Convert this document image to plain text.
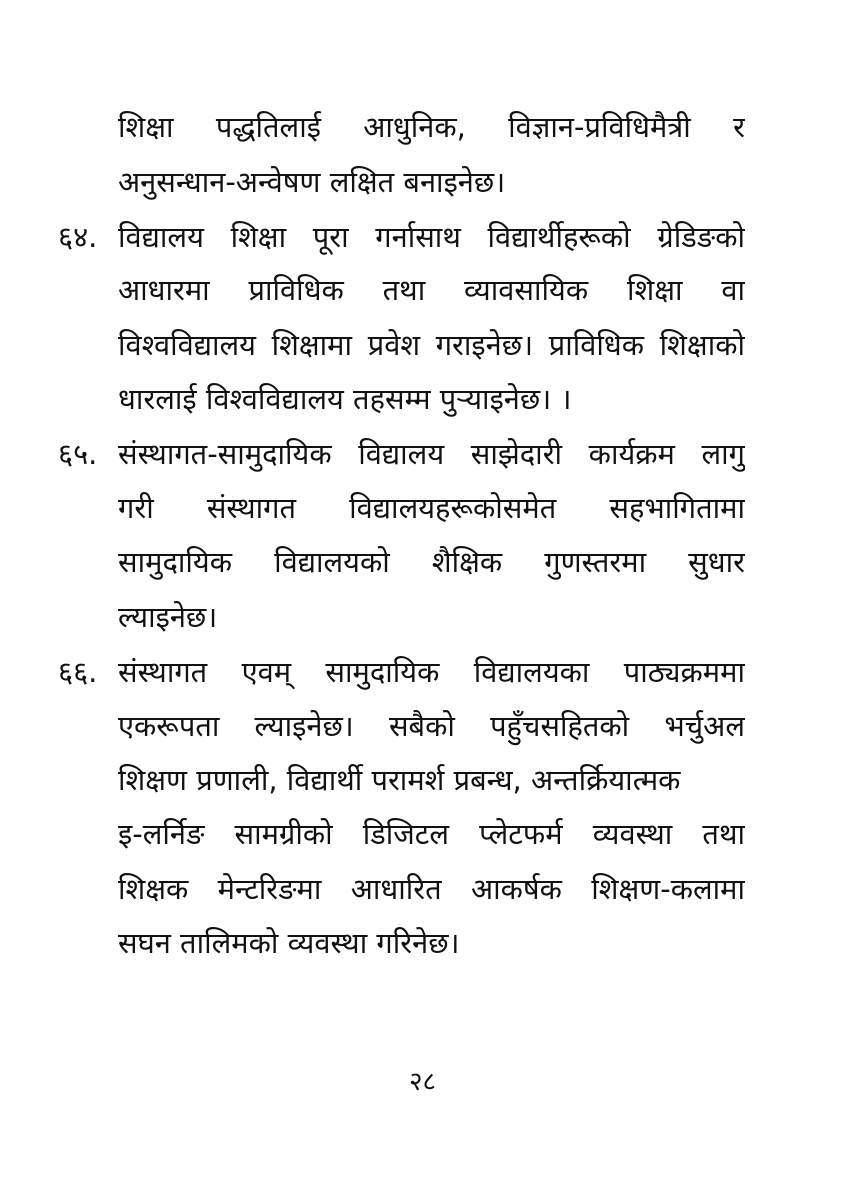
शिक्षा पद्धतिलाई आधुनिक, विज्ञान-प्रविधिमैत्री र
अनुसन्धान-अन्वेषण लक्षित बनाइनेछ।
६४. विद्यालय शिक्षा पूरा गर्नासाथ विद्यार्थीहरूको ग्रेडिङको
आधारमा प्राविधिक तथा व्यावसायिक शिक्षा वा
विश्वविद्यालय शिक्षामा प्रवेश गराइनेछ। प्राविधिक शिक्षाको
धारलाई विश्वविद्यालय तहसम्म पुऱ्याइनेछ। ।
६५. संस्थागत-सामुदायिक विद्यालय साझेदारी कार्यक्रम लागु
गरी संस्थागत विद्यालयहरूकोसमेत सहभागितामा
सामुदायिक विद्यालयको शैक्षिक गुणस्तरमा सुधार
ल्याइनेछ।
६६. संस्थागत एवम् सामुदायिक विद्यालयका पाठ्यक्रममा
एकरूपता ल्याइनेछ। सबैको पहुँचसहितको भर्चुअल
शिक्षण प्रणाली, विद्यार्थी परामर्श प्रबन्ध, अन्तर्क्रियात्मक
इ-लर्निङ सामग्रीको डिजिटल प्लेटफर्म व्यवस्था तथा
शिक्षक मेन्टरिङमा आधारित आकर्षक शिक्षण-कलामा
सघन तालिमको व्यवस्था गरिनेछ।
२८
